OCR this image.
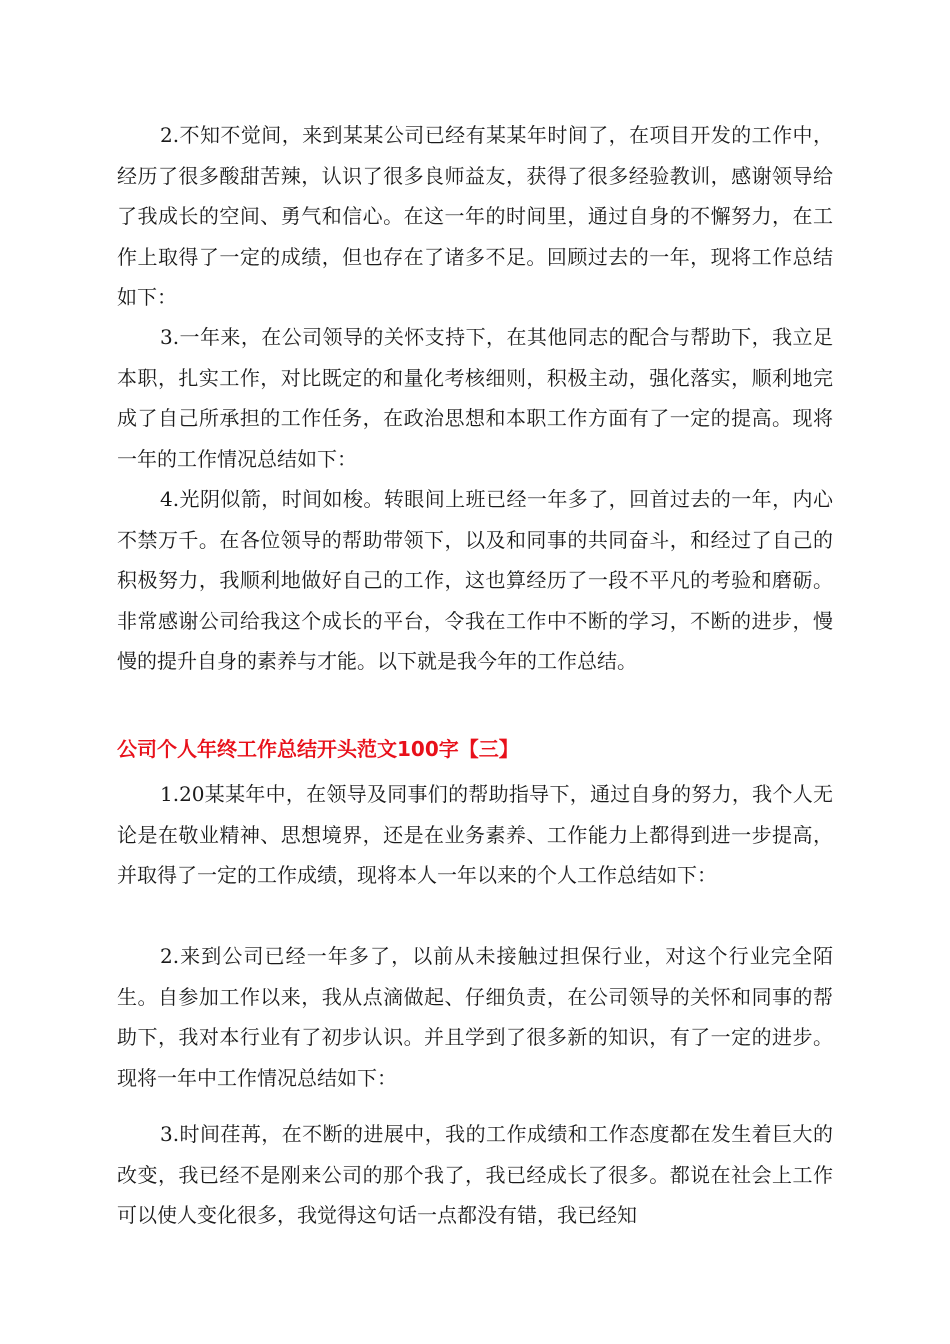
2.不知不觉间，来到某某公司已经有某某年时间了，在项目开发的工作中，经历了很多酸甜苦辣，认识了很多良师益友，获得了很多经验教训，感谢领导给了我成长的空间、勇气和信心。在这一年的时间里，通过自身的不懈努力，在工作上取得了一定的成绩，但也存在了诸多不足。回顾过去的一年，现将工作总结如下：

3.一年来，在公司领导的关怀支持下，在其他同志的配合与帮助下，我立足本职，扎实工作，对比既定的和量化考核细则，积极主动，强化落实，顺利地完成了自己所承担的工作任务，在政治思想和本职工作方面有了一定的提高。现将一年的工作情况总结如下：

4.光阴似箭，时间如梭。转眼间上班已经一年多了，回首过去的一年，内心不禁万千。在各位领导的帮助带领下，以及和同事的共同奋斗，和经过了自己的积极努力，我顺利地做好自己的工作，这也算经历了一段不平凡的考验和磨砺。非常感谢公司给我这个成长的平台，令我在工作中不断的学习，不断的进步，慢慢的提升自身的素养与才能。以下就是我今年的工作总结。

公司个人年终工作总结开头范文100字【三】

1.20某某年中，在领导及同事们的帮助指导下，通过自身的努力，我个人无论是在敬业精神、思想境界，还是在业务素养、工作能力上都得到进一步提高，并取得了一定的工作成绩，现将本人一年以来的个人工作总结如下：

2.来到公司已经一年多了，以前从未接触过担保行业，对这个行业完全陌生。自参加工作以来，我从点滴做起、仔细负责，在公司领导的关怀和同事的帮助下，我对本行业有了初步认识。并且学到了很多新的知识，有了一定的进步。现将一年中工作情况总结如下：

3.时间荏苒，在不断的进展中，我的工作成绩和工作态度都在发生着巨大的改变，我已经不是刚来公司的那个我了，我已经成长了很多。都说在社会上工作可以使人变化很多，我觉得这句话一点都没有错，我已经知
